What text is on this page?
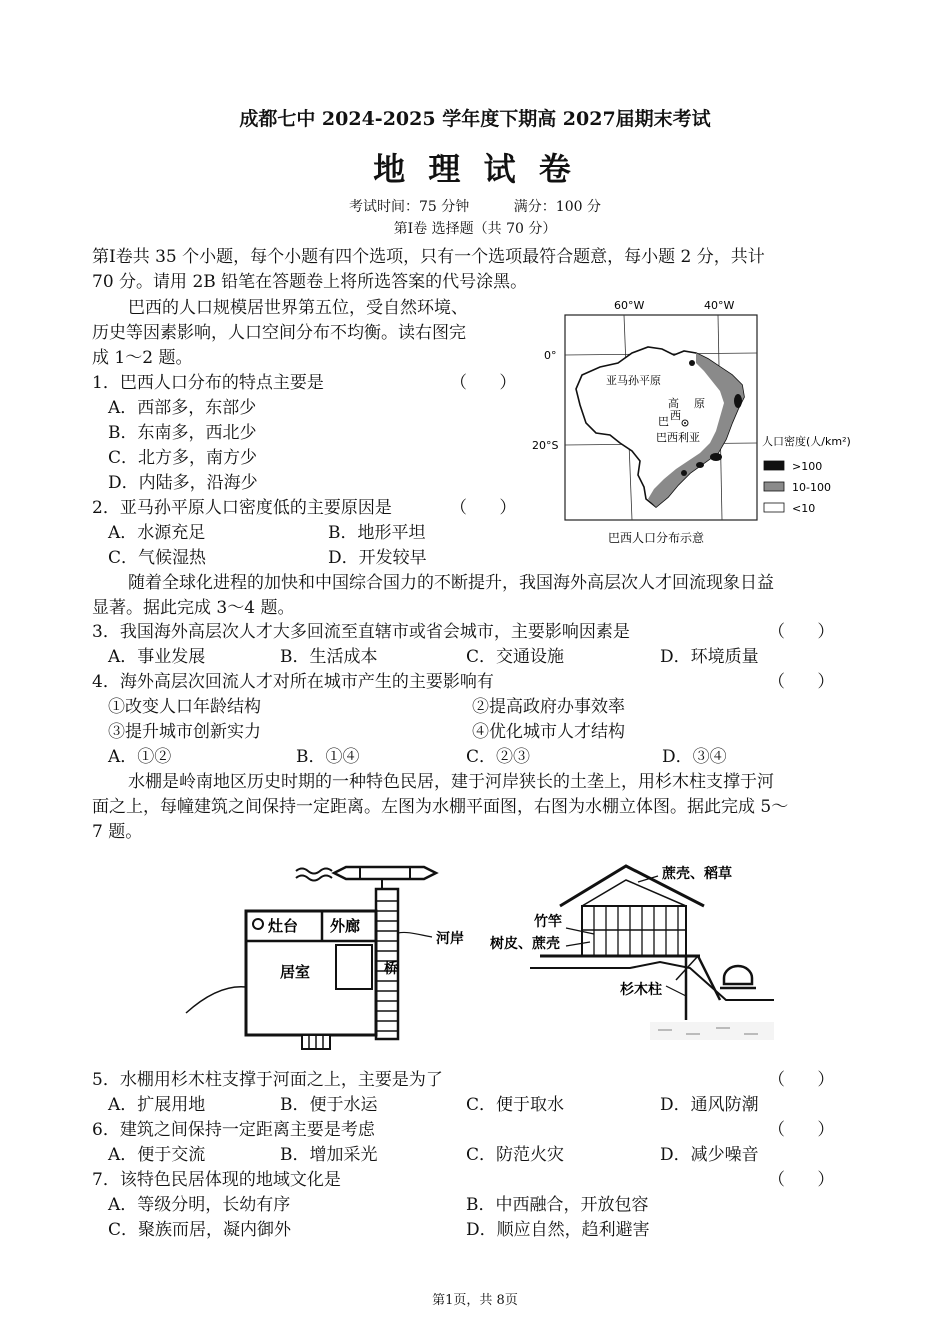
成都七中 2024-2025 学年度下期高 2027届期末考试
地 理 试 卷
考试时间：75 分钟          满分：100 分
第Ⅰ卷 选择题（共 70 分）
第Ⅰ卷共 35 个小题，每个小题有四个选项，只有一个选项最符合题意，每小题 2 分，共计
70 分。请用 2B 铅笔在答题卷上将所选答案的代号涂黑。
巴西的人口规模居世界第五位，受自然环境、
历史等因素影响，人口空间分布不均衡。读右图完
成 1～2 题。
1．巴西人口分布的特点主要是	（      ）
A．西部多，东部少
B．东南多，西北少
C．北方多，南方少
D．内陆多，沿海少
2．亚马孙平原人口密度低的主要原因是	（      ）
A．水源充足	B．地形平坦
C．气候湿热	D．开发较早
60°W	40°W
0°
20°S
亚马孙平原
高 原
巴 西
巴西利亚	人口密度(人/km²)
>100
10-100
<10
巴西人口分布示意
随着全球化进程的加快和中国综合国力的不断提升，我国海外高层次人才回流现象日益
显著。据此完成 3～4 题。
3．我国海外高层次人才大多回流至直辖市或省会城市，主要影响因素是	（      ）
A．事业发展	B．生活成本	C．交通设施	D．环境质量
4．海外高层次回流人才对所在城市产生的主要影响有	（      ）
①改变人口年龄结构	②提高政府办事效率
③提升城市创新实力	④优化城市人才结构
A．①②	B．①④	C．②③	D．③④
水棚是岭南地区历史时期的一种特色民居，建于河岸狭长的土垄上，用杉木柱支撑于河
面之上，每幢建筑之间保持一定距离。左图为水棚平面图，右图为水棚立体图。据此完成 5～
7 题。
灶台 外廊
居室	桥
河岸
蔗壳、稻草
竹竿
树皮、蔗壳
杉木柱
5．水棚用杉木柱支撑于河面之上，主要是为了	（      ）
A．扩展用地	B．便于水运	C．便于取水	D．通风防潮
6．建筑之间保持一定距离主要是考虑	（      ）
A．便于交流	B．增加采光	C．防范火灾	D．减少噪音
7．该特色民居体现的地域文化是	（      ）
A．等级分明，长幼有序	B．中西融合，开放包容
C．聚族而居，凝内御外	D．顺应自然，趋利避害
第1页，共 8页
